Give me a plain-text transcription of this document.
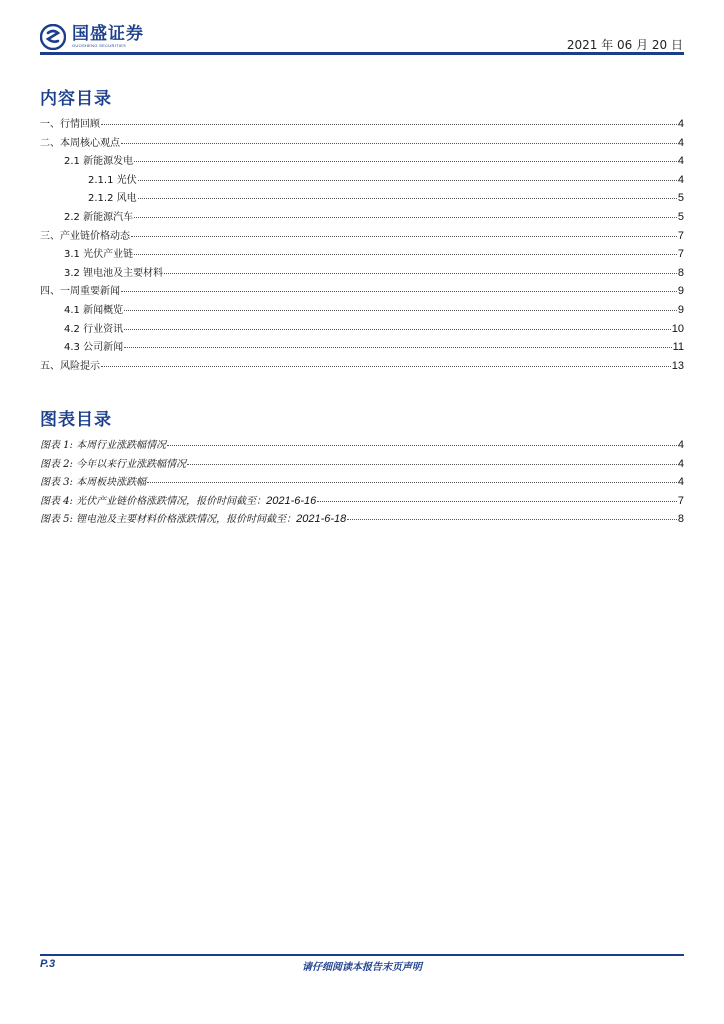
国盛证券
GUOSHENG SECURITIES	2021 年 06 月 20 日
内容目录
一、行情回顾	4
二、本周核心观点	4
2.1 新能源发电	4
2.1.1 光伏	4
2.1.2 风电	5
2.2 新能源汽车	5
三、产业链价格动态	7
3.1 光伏产业链	7
3.2 锂电池及主要材料	8
四、一周重要新闻	9
4.1 新闻概览	9
4.2 行业资讯	10
4.3 公司新闻	11
五、风险提示	13
图表目录
图表 1: 本周行业涨跌幅情况	4
图表 2: 今年以来行业涨跌幅情况	4
图表 3: 本周板块涨跌幅	4
图表 4: 光伏产业链价格涨跌情况，报价时间截至：2021-6-16	7
图表 5: 锂电池及主要材料价格涨跌情况，报价时间截至：2021-6-18	8
P.3	请仔细阅读本报告末页声明
